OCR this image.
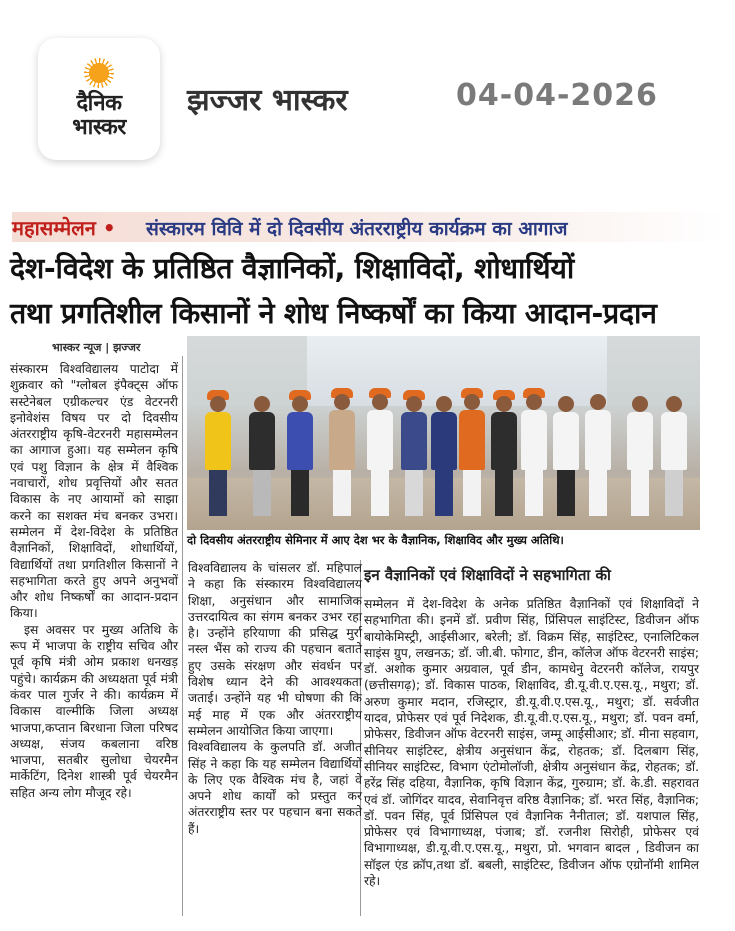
दैनिक
भास्कर
झज्जर भास्कर	04-04-2026
महासम्मेलन • संस्कारम विवि में दो दिवसीय अंतरराष्ट्रीय कार्यक्रम का आगाज
देश-विदेश के प्रतिष्ठित वैज्ञानिकों, शिक्षाविदों, शोधार्थियों
तथा प्रगतिशील किसानों ने शोध निष्कर्षों का किया आदान-प्रदान
भास्कर न्यूज | झज्जर
दो दिवसीय अंतरराष्ट्रीय सेमिनार में आए देश भर के वैज्ञानिक, शिक्षाविद और मुख्य अतिथि।

संस्कारम विश्वविद्यालय पाटोदा में शुक्रवार को "ग्लोबल इंपैक्ट्स ऑफ सस्टेनेबल एग्रीकल्चर एंड वेटरनरी इनोवेशंस विषय पर दो दिवसीय अंतरराष्ट्रीय कृषि-वेटरनरी महासम्मेलन का आगाज हुआ। यह सम्मेलन कृषि एवं पशु विज्ञान के क्षेत्र में वैश्विक नवाचारों, शोध प्रवृत्तियों और सतत विकास के नए आयामों को साझा करने का सशक्त मंच बनकर उभरा। सम्मेलन में देश-विदेश के प्रतिष्ठित वैज्ञानिकों, शिक्षाविदों, शोधार्थियों, विद्यार्थियों तथा प्रगतिशील किसानों ने सहभागिता करते हुए अपने अनुभवों और शोध निष्कर्षों का आदान-प्रदान किया।

इस अवसर पर मुख्य अतिथि के रूप में भाजपा के राष्ट्रीय सचिव और पूर्व कृषि मंत्री ओम प्रकाश धनखड़ पहुंचे। कार्यक्रम की अध्यक्षता पूर्व मंत्री कंवर पाल गुर्जर ने की। कार्यक्रम में विकास वाल्मीकि जिला अध्यक्ष भाजपा,कप्तान बिरधाना जिला परिषद अध्यक्ष, संजय कबलाना वरिष्ठ भाजपा, सतबीर सुलोधा चेयरमैन मार्केटिंग, दिनेश शास्त्री पूर्व चेयरमैन सहित अन्य लोग मौजूद रहे।

विश्वविद्यालय के चांसलर डॉ. महिपाल ने कहा कि संस्कारम विश्वविद्यालय शिक्षा, अनुसंधान और सामाजिक उत्तरदायित्व का संगम बनकर उभर रहा है। उन्होंने हरियाणा की प्रसिद्ध मुर्रा नस्ल भैंस को राज्य की पहचान बताते हुए उसके संरक्षण और संवर्धन पर विशेष ध्यान देने की आवश्यकता जताई। उन्होंने यह भी घोषणा की कि मई माह में एक और अंतरराष्ट्रीय सम्मेलन आयोजित किया जाएगा।

विश्वविद्यालय के कुलपति डॉ. अजीत सिंह ने कहा कि यह सम्मेलन विद्यार्थियों के लिए एक वैश्विक मंच है, जहां वे अपने शोध कार्यों को प्रस्तुत कर अंतरराष्ट्रीय स्तर पर पहचान बना सकते हैं।

इन वैज्ञानिकों एवं शिक्षाविदों ने सहभागिता की

सम्मेलन में देश-विदेश के अनेक प्रतिष्ठित वैज्ञानिकों एवं शिक्षाविदों ने सहभागिता की। इनमें डॉ. प्रवीण सिंह, प्रिंसिपल साइंटिस्ट, डिवीजन ऑफ बायोकेमिस्ट्री, आईसीआर, बरेली; डॉ. विक्रम सिंह, साइंटिस्ट, एनालिटिकल साइंस ग्रुप, लखनऊ; डॉ. जी.बी. फोगाट, डीन, कॉलेज ऑफ वेटरनरी साइंस; डॉ. अशोक कुमार अग्रवाल, पूर्व डीन, कामधेनु वेटरनरी कॉलेज, रायपुर (छत्तीसगढ़); डॉ. विकास पाठक, शिक्षाविद, डी.यू.वी.ए.एस.यू., मथुरा; डॉ. अरुण कुमार मदान, रजिस्ट्रार, डी.यू.वी.ए.एस.यू., मथुरा; डॉ. सर्वजीत यादव, प्रोफेसर एवं पूर्व निदेशक, डी.यू.वी.ए.एस.यू., मथुरा; डॉ. पवन वर्मा, प्रोफेसर, डिवीजन ऑफ वेटरनरी साइंस, जम्मू आईसीआर; डॉ. मीना सहवाग, सीनियर साइंटिस्ट, क्षेत्रीय अनुसंधान केंद्र, रोहतक; डॉ. दिलबाग सिंह, सीनियर साइंटिस्ट, विभाग एंटोमोलॉजी, क्षेत्रीय अनुसंधान केंद्र, रोहतक; डॉ. हरेंद्र सिंह दहिया, वैज्ञानिक, कृषि विज्ञान केंद्र, गुरुग्राम; डॉ. के.डी. सहरावत एवं डॉ. जोगिंदर यादव, सेवानिवृत्त वरिष्ठ वैज्ञानिक; डॉ. भरत सिंह, वैज्ञानिक; डॉ. पवन सिंह, पूर्व प्रिंसिपल एवं वैज्ञानिक नैनीताल; डॉ. यशपाल सिंह, प्रोफेसर एवं विभागाध्यक्ष, पंजाब; डॉ. रजनीश सिरोही, प्रोफेसर एवं विभागाध्यक्ष, डी.यू.वी.ए.एस.यू., मथुरा, प्रो. भगवान बादल , डिवीजन का सॉइल एंड क्रॉप,तथा डॉ. बबली, साइंटिस्ट, डिवीजन ऑफ एग्रोनॉमी शामिल रहे।
